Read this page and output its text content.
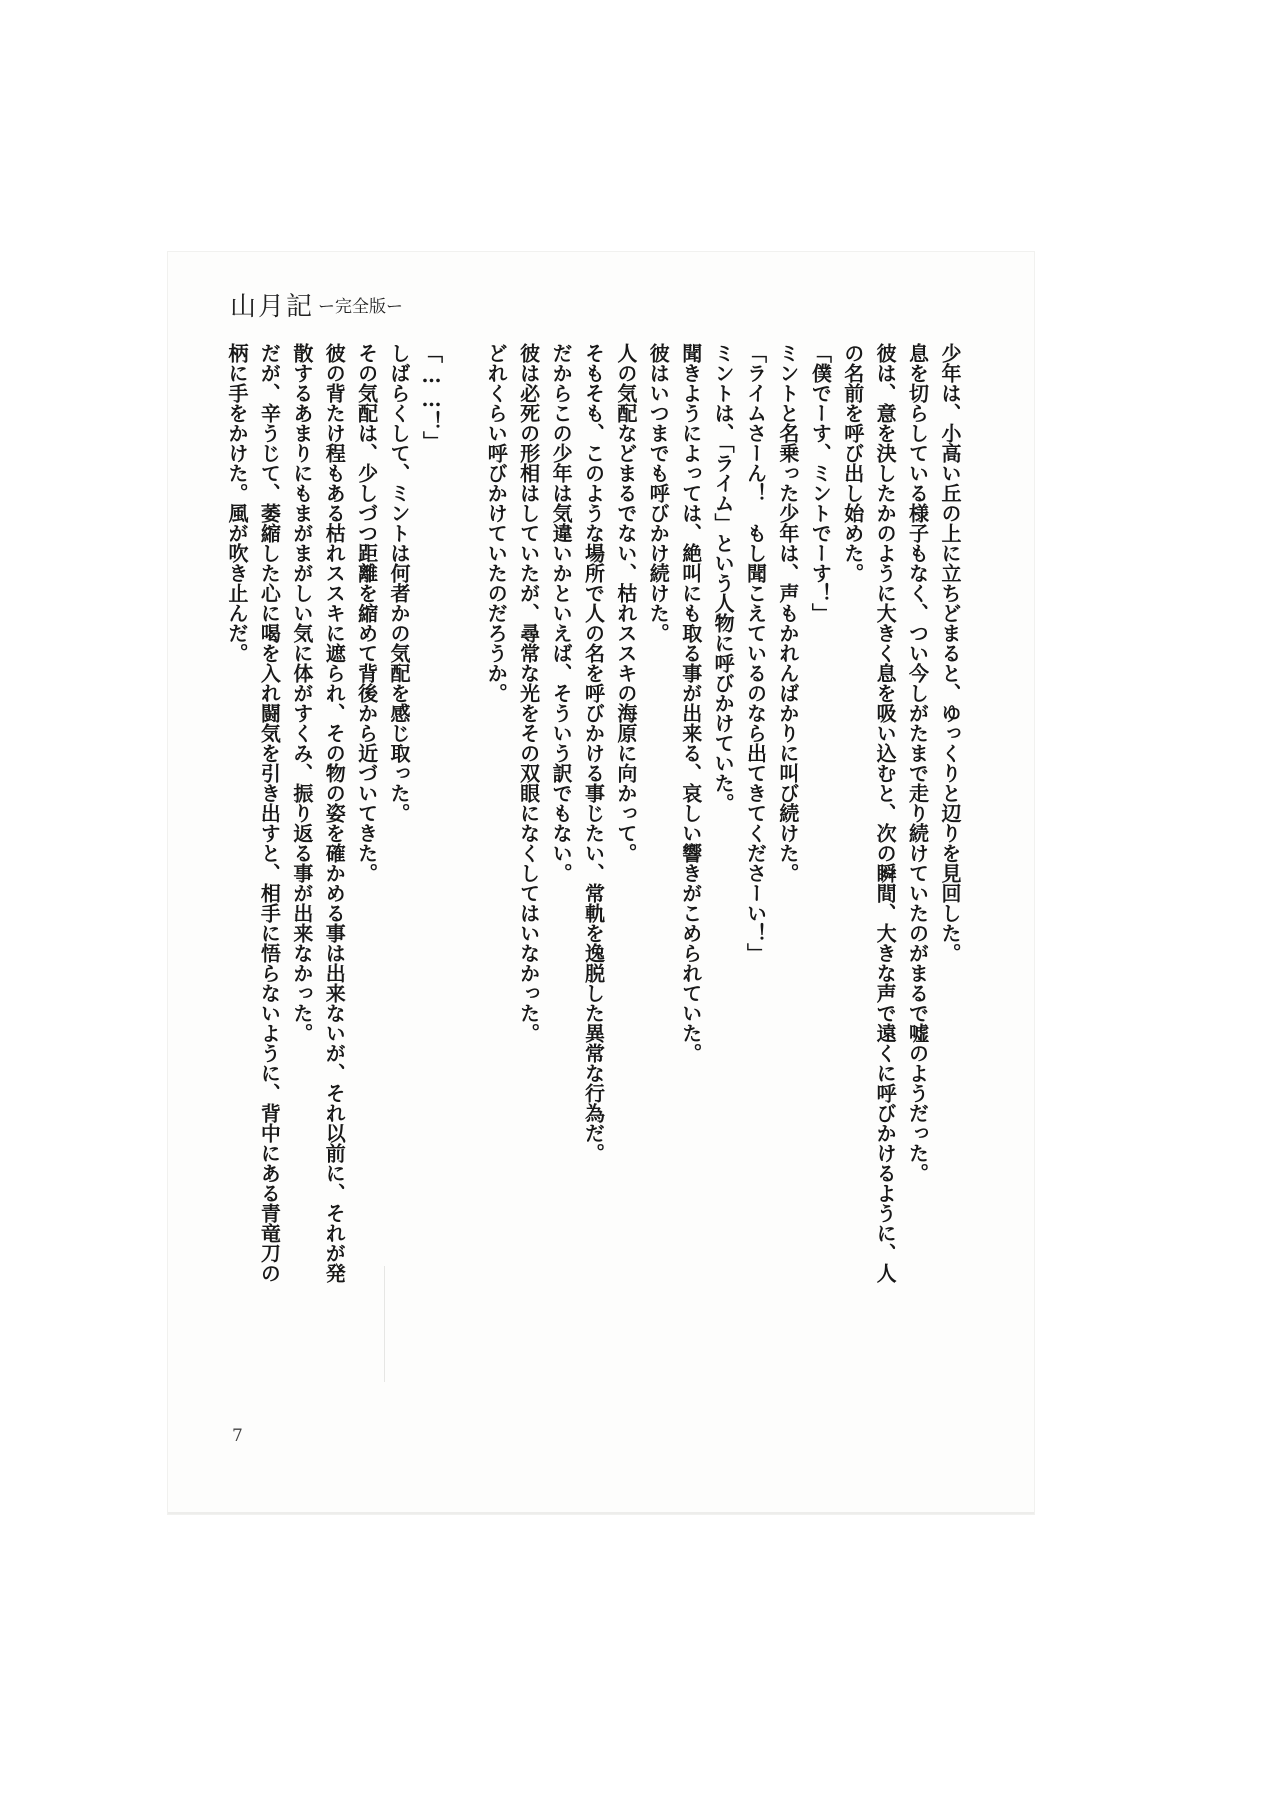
山月記 ー完全版ー

少年は、小高い丘の上に立ちどまると、ゆっくりと辺りを見回した。

息を切らしている様子もなく、つい今しがたまで走り続けていたのがまるで嘘のようだった。

彼は、意を決したかのように大きく息を吸い込むと、次の瞬間、大きな声で遠くに呼びかけるように、人

の名前を呼び出し始めた。

「僕でーす、ミントでーす！」

ミントと名乗った少年は、声もかれんばかりに叫び続けた。

「ライムさーん！　もし聞こえているのなら出てきてくださーい！」

ミントは、「ライム」という人物に呼びかけていた。

聞きようによっては、絶叫にも取る事が出来る、哀しい響きがこめられていた。

彼はいつまでも呼びかけ続けた。

人の気配などまるでない、枯れススキの海原に向かって。

そもそも、このような場所で人の名を呼びかける事じたい、常軌を逸脱した異常な行為だ。

だからこの少年は気違いかといえば、そういう訳でもない。

彼は必死の形相はしていたが、尋常な光をその双眼になくしてはいなかった。

どれくらい呼びかけていたのだろうか。

「……！」

しばらくして、ミントは何者かの気配を感じ取った。

その気配は、少しづつ距離を縮めて背後から近づいてきた。

彼の背たけ程もある枯れススキに遮られ、その物の姿を確かめる事は出来ないが、それ以前に、それが発

散するあまりにもまがまがしい気に体がすくみ、振り返る事が出来なかった。

だが、辛うじて、萎縮した心に喝を入れ闘気を引き出すと、相手に悟らないように、背中にある青竜刀の

柄に手をかけた。風が吹き止んだ。

7
